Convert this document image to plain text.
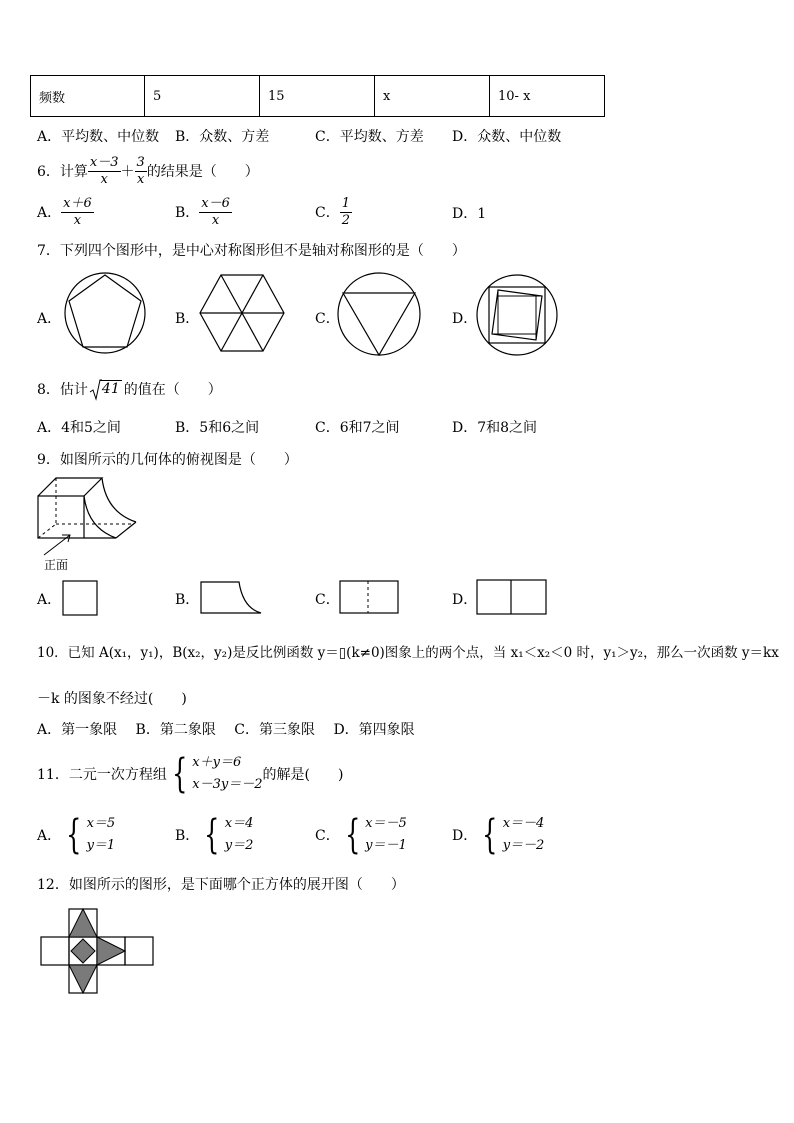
频数	5	15	x	10- x
A．平均数、中位数 B．众数、方差	C．平均数、方差 D．众数、中位数
6．计算 $\frac{x-3}{x} + \frac{3}{x}$ 的结果是（　　）
A． $\frac{x+6}{x}$	B． $\frac{x-6}{x}$	C． $\frac{1}{2}$	D．1
7．下列四个图形中，是中心对称图形但不是轴对称图形的是（　　）
A．	B．	C．	D．
8．估计	41 的值在（　　）
A．4和5之间	B．5和6之间	C．6和7之间	D．7和8之间
9．如图所示的几何体的俯视图是（　　）
正面
A．	B．	C．	D．
10．已知 A(x₁，y₁)，B(x₂，y₂)是反比例函数 y＝▯(k≠0)图象上的两个点，当 x₁＜x₂＜0 时，y₁＞y₂，那么一次函数 y＝kx
－k 的图象不经过(　　)
A．第一象限　 B．第二象限　 C．第三象限　 D．第四象限
11．二元一次方程组 { x＋y＝6
x－3y＝－2
的解是(　　)
A． { x＝5
y＝1
B． { x＝4
y＝2
C． { x＝－5
y＝－1
D． { x＝－4
y＝－2
12．如图所示的图形，是下面哪个正方体的展开图（　　）
